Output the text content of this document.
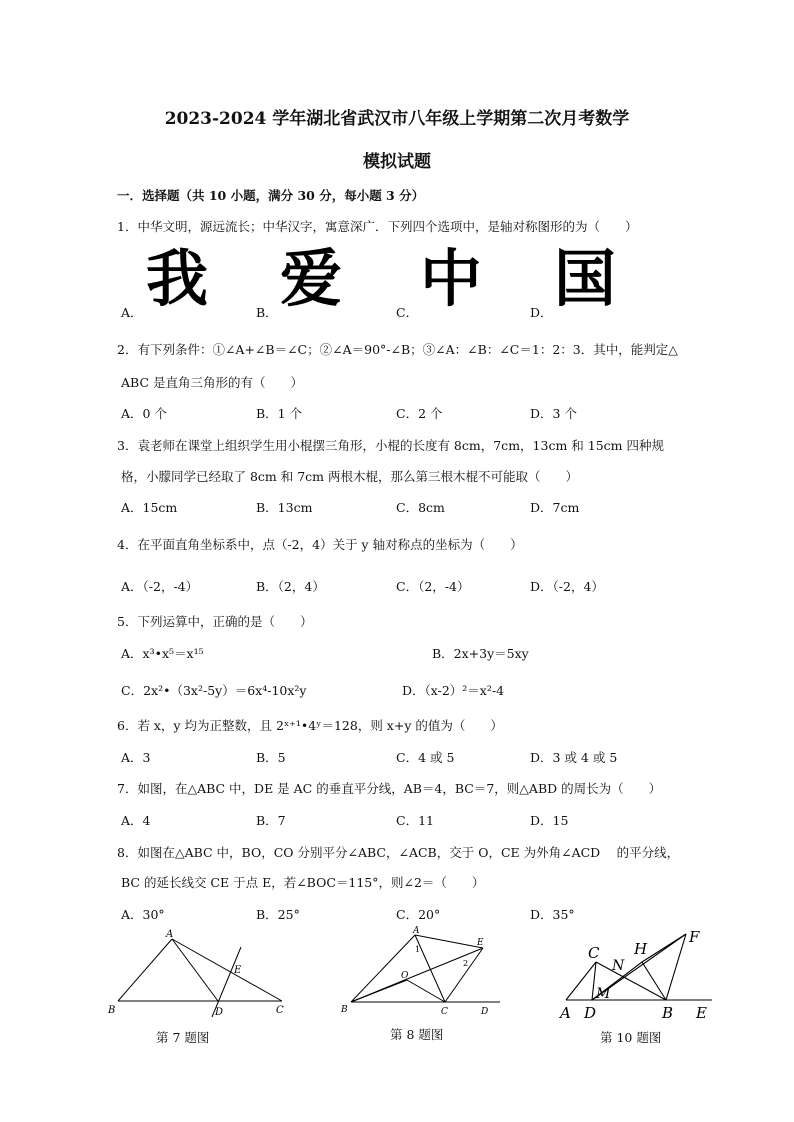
2023-2024 学年湖北省武汉市八年级上学期第二次月考数学
模拟试题
一．选择题（共 10 小题，满分 30 分，每小题 3 分）
1．中华文明，源远流长；中华汉字，寓意深广．下列四个选项中，是轴对称图形的为（　　）
我 爱 中 国
A．	B．	C．	D．
2．有下列条件：①∠A+∠B＝∠C；②∠A＝90°-∠B；③∠A：∠B：∠C＝1：2：3．其中，能判定△
ABC 是直角三角形的有（　　）
A．0 个	B．1 个	C．2 个	D．3 个
3．袁老师在课堂上组织学生用小棍摆三角形，小棍的长度有 8cm，7cm，13cm 和 15cm 四种规
格，小朦同学已经取了 8cm 和 7cm 两根木棍，那么第三根木棍不可能取（　　）
A．15cm	B．13cm	C．8cm	D．7cm
4．在平面直角坐标系中，点（-2，4）关于 y 轴对称点的坐标为（　　）
A．（-2，-4）	B．（2，4）	C．（2，-4）	D．（-2，4）
5．下列运算中，正确的是（　　）
A．x³•x⁵＝x¹⁵	B．2x+3y＝5xy
C．2x²•（3x²-5y）＝6x⁴-10x²y	D．（x-2）²＝x²-4
6．若 x，y 均为正整数，且 2ˣ⁺¹•4ʸ＝128，则 x+y 的值为（　　）
A．3	B．5	C．4 或 5	D．3 或 4 或 5
7．如图，在△ABC 中，DE 是 AC 的垂直平分线，AB＝4，BC＝7，则△ABD 的周长为（　　）
A．4	B．7	C．11	D．15
8．如图在△ABC 中，BO，CO 分别平分∠ABC，∠ACB，交于 O，CE 为外角∠ACD　 的平分线，
BC 的延长线交 CE 于点 E，若∠BOC＝115°，则∠2＝（　　）
A．30°	B．25°	C．20°	D．35°
A
B	C
D
E
第 7 题图
A
B	C	D
E
O
1
2
第 8 题图
A D	B E
C H
N
M
F
第 10 题图
